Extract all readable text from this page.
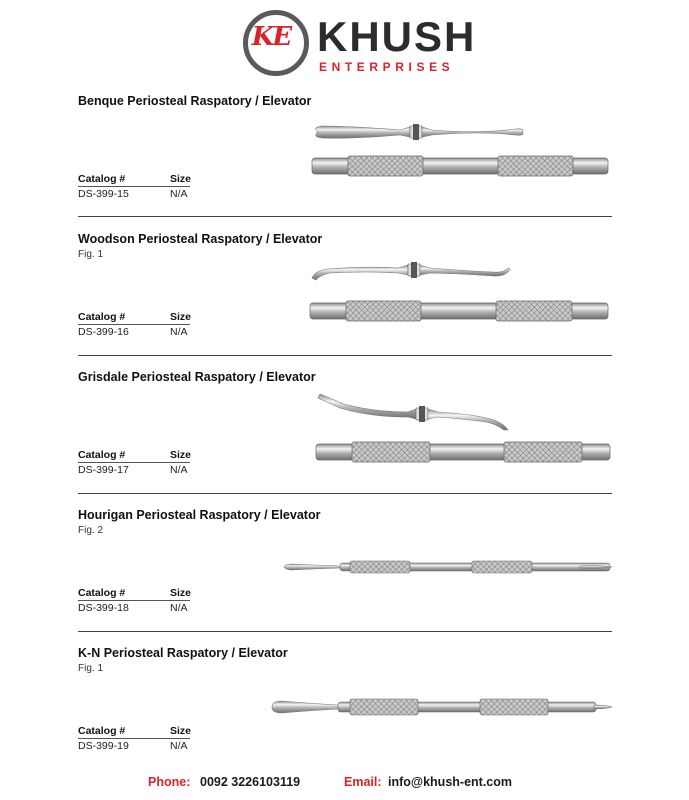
KE KHUSH
ENTERPRISES
Benque Periosteal Raspatory / Elevator
Catalog #	Size
DS-399-15	N/A
Woodson Periosteal Raspatory / Elevator
Fig. 1
Catalog #	Size
DS-399-16	N/A
Grisdale Periosteal Raspatory / Elevator
Catalog #	Size
DS-399-17	N/A
Hourigan Periosteal Raspatory / Elevator
Fig. 2
Catalog #	Size
DS-399-18	N/A
K-N Periosteal Raspatory / Elevator
Fig. 1
Catalog #	Size
DS-399-19	N/A
Phone: 0092 3226103119	Email: info@khush-ent.com
